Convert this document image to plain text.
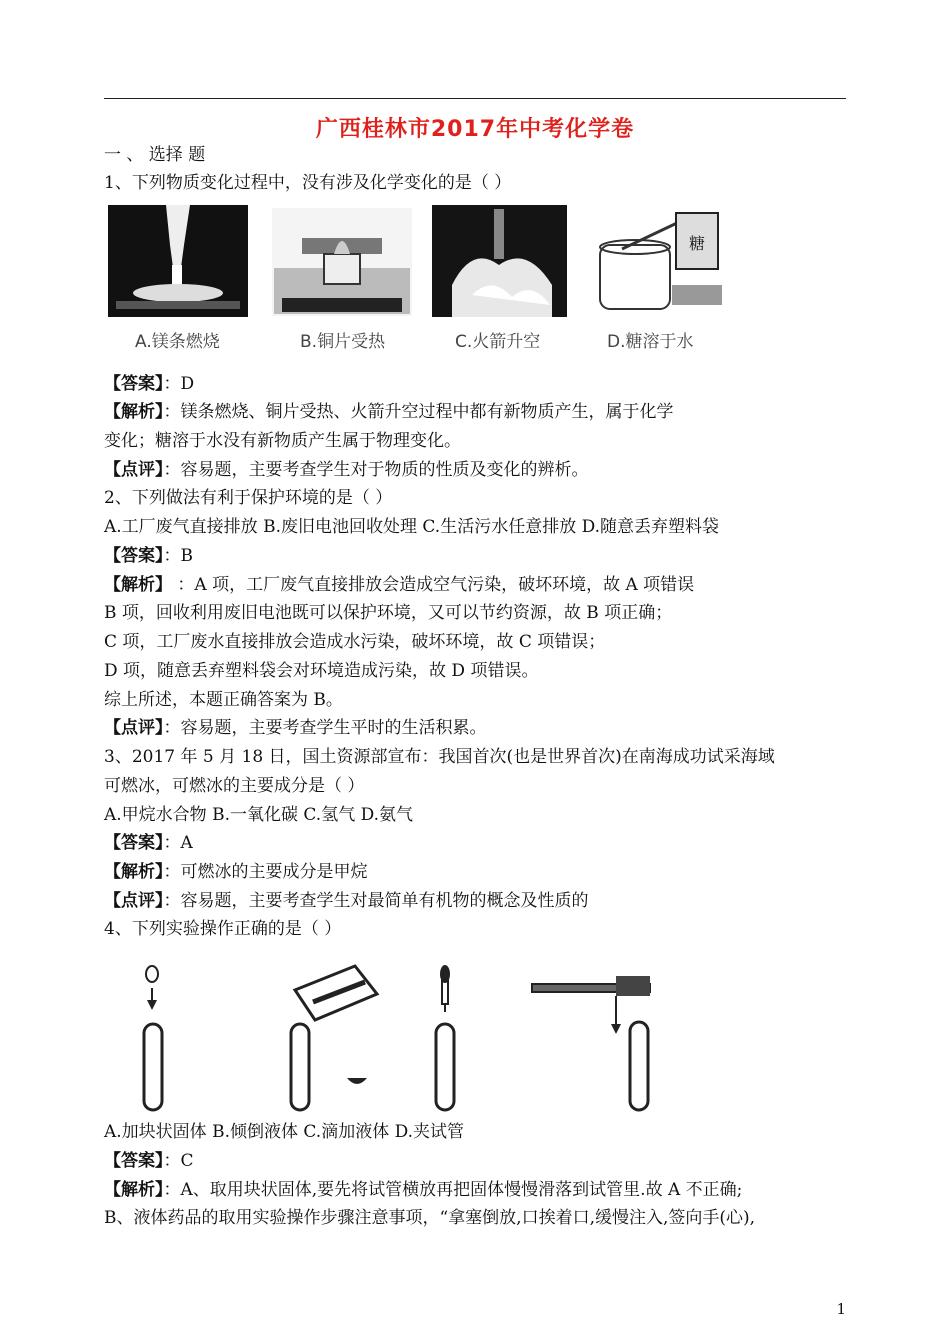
广西桂林市2017年中考化学卷
一 、 选择 题
1、下列物质变化过程中，没有涉及化学变化的是（ ）
糖
A.镁条燃烧	B.铜片受热	C.火箭升空	D.糖溶于水
【答案】：D
【解析】：镁条燃烧、铜片受热、火箭升空过程中都有新物质产生，属于化学
变化；糖溶于水没有新物质产生属于物理变化。
【点评】：容易题，主要考查学生对于物质的性质及变化的辨析。
2、下列做法有利于保护环境的是（ ）
A.工厂废气直接排放 B.废旧电池回收处理 C.生活污水任意排放 D.随意丢弃塑料袋
【答案】：B
【解析】 ：A 项，工厂废气直接排放会造成空气污染，破坏环境，故 A 项错误
B 项，回收利用废旧电池既可以保护环境，又可以节约资源，故 B 项正确；
C 项，工厂废水直接排放会造成水污染，破坏环境，故 C 项错误；
D 项，随意丢弃塑料袋会对环境造成污染，故 D 项错误。
综上所述，本题正确答案为 B。
【点评】：容易题，主要考查学生平时的生活积累。
3、2017 年 5 月 18 日，国土资源部宣布：我国首次(也是世界首次)在南海成功试采海域
可燃冰，可燃冰的主要成分是（ ）
A.甲烷水合物 B.一氧化碳 C.氢气 D.氨气
【答案】：A
【解析】：可燃冰的主要成分是甲烷
【点评】：容易题，主要考查学生对最简单有机物的概念及性质的
4、下列实验操作正确的是（ ）
A.加块状固体 B.倾倒液体 C.滴加液体 D.夹试管
【答案】：C
【解析】：A、取用块状固体,要先将试管横放再把固体慢慢滑落到试管里.故 A 不正确;
B、液体药品的取用实验操作步骤注意事项，“拿塞倒放,口挨着口,缓慢注入,签向手(心),
1
